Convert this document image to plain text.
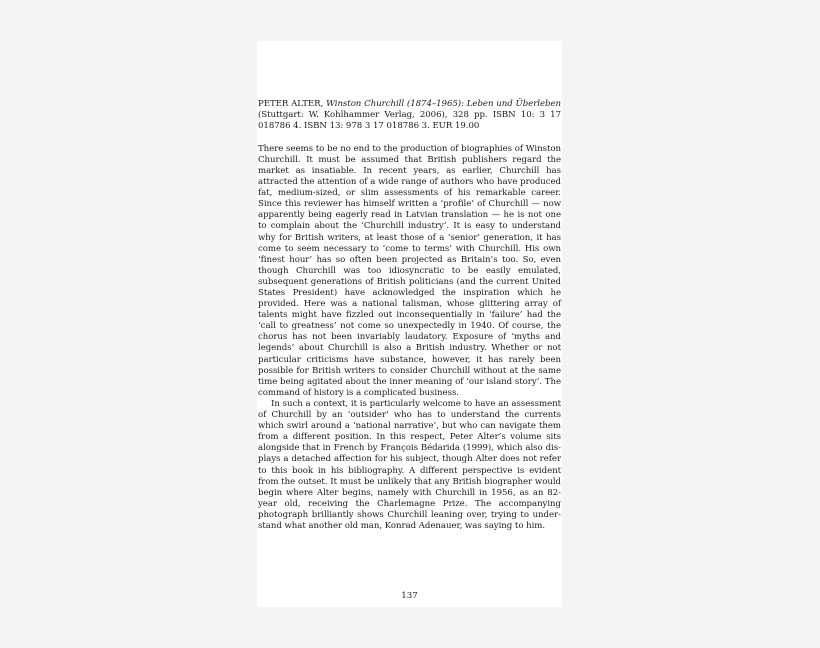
PETER ALTER, Winston Churchill (1874–1965): Leben und Überleben (Stuttgart: W. Kohlhammer Verlag, 2006), 328 pp. ISBN 10: 3 17 018786 4. ISBN 13: 978 3 17 018786 3. EUR 19.00

There seems to be no end to the production of biographies of Winston Churchill. It must be assumed that British publishers regard the market as insatiable. In recent years, as earlier, Churchill has attracted the attention of a wide range of authors who have produced fat, medium-sized, or slim assessments of his remarkable career. Since this reviewer has himself written a ‘profile’ of Churchill — now apparently being eagerly read in Latvian translation — he is not one to complain about the ‘Churchill industry’. It is easy to understand why for British writers, at least those of a ‘senior’ generation, it has come to seem necessary to ‘come to terms’ with Churchill. His own ‘finest hour’ has so often been projected as Britain’s too. So, even though Churchill was too idiosyncratic to be easily emulated, subsequent generations of British politicians (and the current United States President) have acknowledged the inspiration which he provided. Here was a national talisman, whose glittering array of talents might have fizzled out inconsequentially in ‘failure’ had the ‘call to greatness’ not come so unexpectedly in 1940. Of course, the chorus has not been invariably laudatory. Exposure of ‘myths and legends’ about Churchill is also a British industry. Whether or not particular criticisms have substance, however, it has rarely been possible for British writers to consider Churchill without at the same time being agitated about the inner meaning of ‘our island story’. The command of history is a complicated business.

In such a context, it is particularly welcome to have an assessment of Churchill by an ‘outsider’ who has to understand the currents which swirl around a ‘national narrative’, but who can navigate them from a different position. In this respect, Peter Alter’s volume sits alongside that in French by François Bédarida (1999), which also displays a detached affection for his subject, though Alter does not refer to this book in his bibliography. A different perspective is evident from the outset. It must be unlikely that any British biographer would begin where Alter begins, namely with Churchill in 1956, as an 82-year old, receiving the Charlemagne Prize. The accompanying photograph brilliantly shows Churchill leaning over, trying to understand what another old man, Konrad Adenauer, was saying to him.

137
